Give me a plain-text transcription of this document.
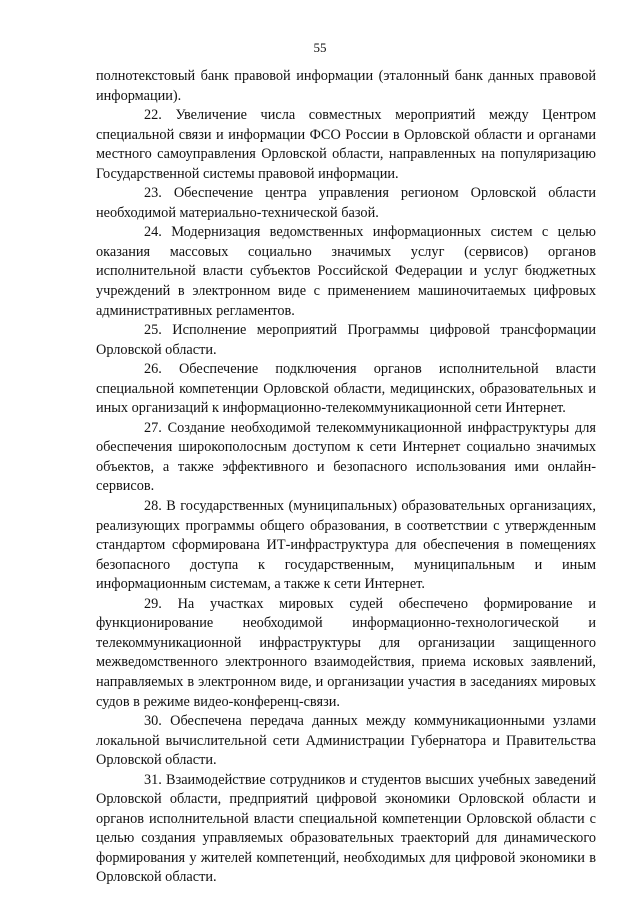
55

полнотекстовый банк правовой информации (эталонный банк данных правовой информации).

22. Увеличение числа совместных мероприятий между Центром специальной связи и информации ФСО России в Орловской области и органами местного самоуправления Орловской области, направленных на популяризацию Государственной системы правовой информации.

23. Обеспечение центра управления регионом Орловской области необходимой материально-технической базой.

24. Модернизация ведомственных информационных систем с целью оказания массовых социально значимых услуг (сервисов) органов исполнительной власти субъектов Российской Федерации и услуг бюджетных учреждений в электронном виде с применением машиночитаемых цифровых административных регламентов.

25. Исполнение мероприятий Программы цифровой трансформации Орловской области.

26. Обеспечение подключения органов исполнительной власти специальной компетенции Орловской области, медицинских, образовательных и иных организаций к информационно-телекоммуникационной сети Интернет.

27. Создание необходимой телекоммуникационной инфраструктуры для обеспечения широкополосным доступом к сети Интернет социально значимых объектов, а также эффективного и безопасного использования ими онлайн-сервисов.

28. В государственных (муниципальных) образовательных организациях, реализующих программы общего образования, в соответствии с утвержденным стандартом сформирована ИТ-инфраструктура для обеспечения в помещениях безопасного доступа к государственным, муниципальным и иным информационным системам, а также к сети Интернет.

29. На участках мировых судей обеспечено формирование и функционирование необходимой информационно-технологической и телекоммуникационной инфраструктуры для организации защищенного межведомственного электронного взаимодействия, приема исковых заявлений, направляемых в электронном виде, и организации участия в заседаниях мировых судов в режиме видео-конференц-связи.

30. Обеспечена передача данных между коммуникационными узлами локальной вычислительной сети Администрации Губернатора и Правительства Орловской области.

31. Взаимодействие сотрудников и студентов высших учебных заведений Орловской области, предприятий цифровой экономики Орловской области и органов исполнительной власти специальной компетенции Орловской области с целью создания управляемых образовательных траекторий для динамического формирования у жителей компетенций, необходимых для цифровой экономики в Орловской области.
